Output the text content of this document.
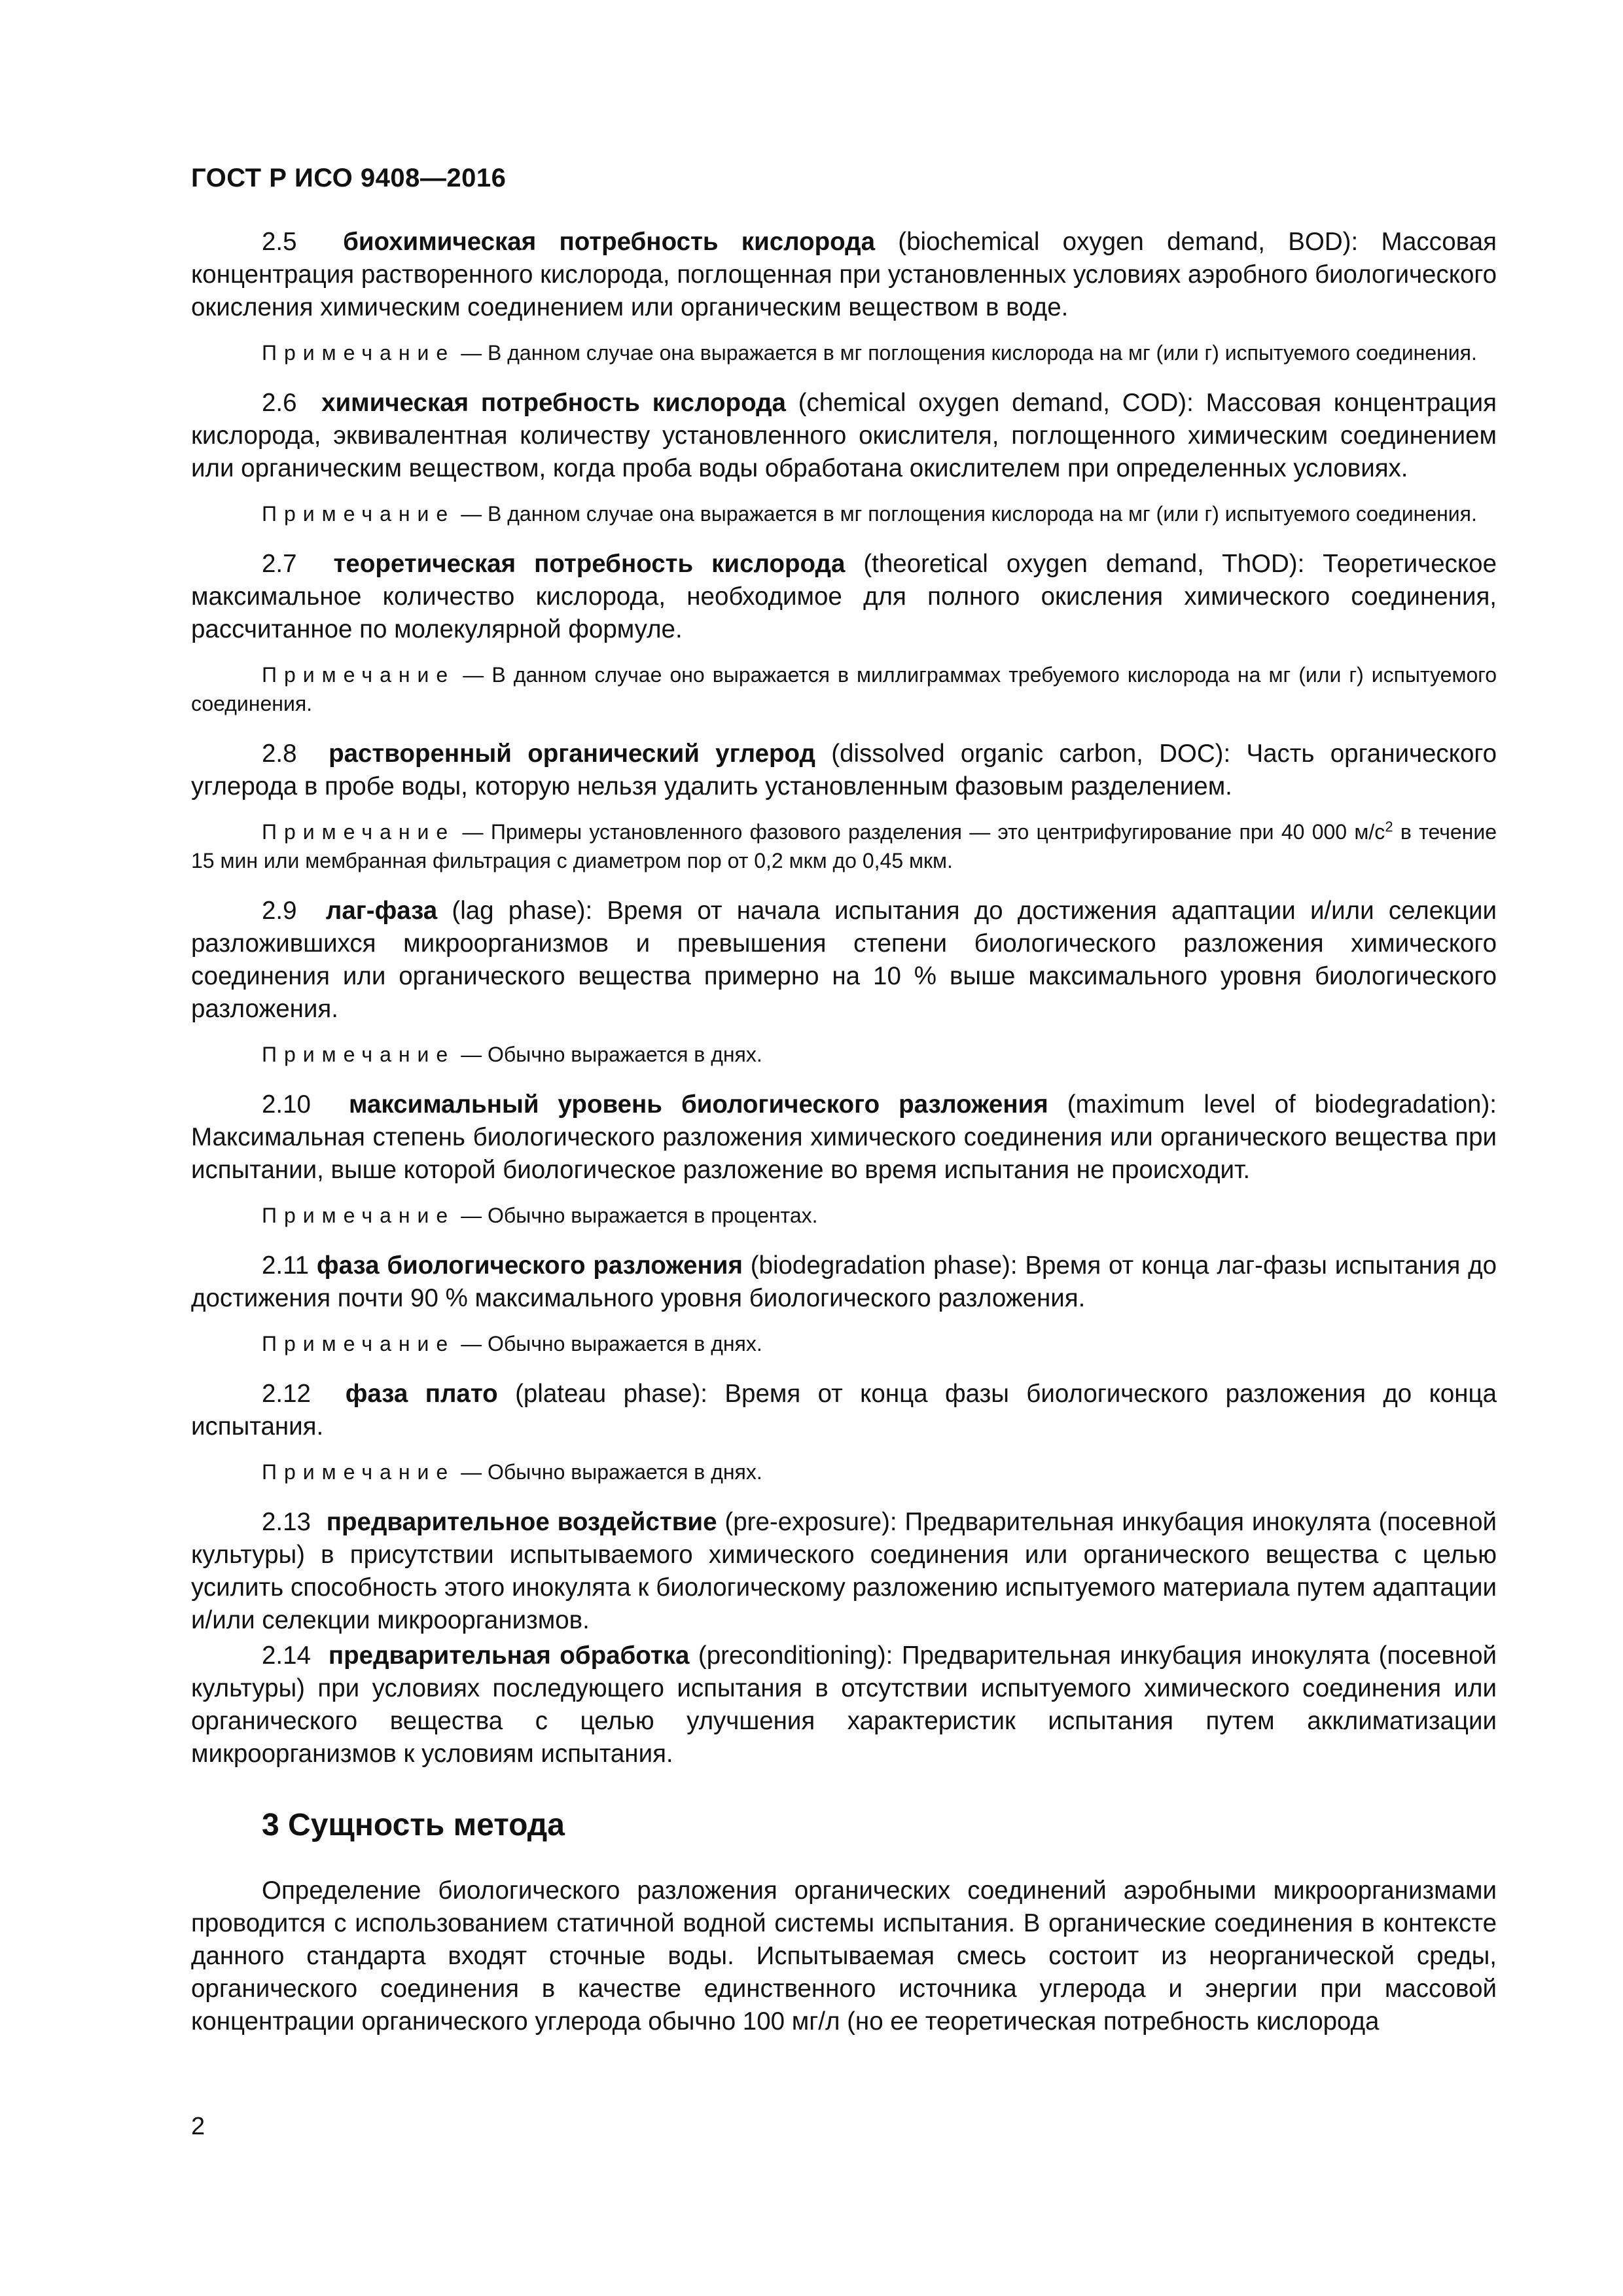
ГОСТ Р ИСО 9408—2016

2.5 биохимическая потребность кислорода (biochemical oxygen demand, BOD): Массовая концентрация растворенного кислорода, поглощенная при установленных условиях аэробного биологического окисления химическим соединением или органическим веществом в воде.

Примечание — В данном случае она выражается в мг поглощения кислорода на мг (или г) испытуемого соединения.

2.6 химическая потребность кислорода (chemical oxygen demand, COD): Массовая концентрация кислорода, эквивалентная количеству установленного окислителя, поглощенного химическим соединением или органическим веществом, когда проба воды обработана окислителем при определенных условиях.

Примечание — В данном случае она выражается в мг поглощения кислорода на мг (или г) испытуемого соединения.

2.7 теоретическая потребность кислорода (theoretical oxygen demand, ThOD): Теоретическое максимальное количество кислорода, необходимое для полного окисления химического соединения, рассчитанное по молекулярной формуле.

Примечание — В данном случае оно выражается в миллиграммах требуемого кислорода на мг (или г) испытуемого соединения.

2.8 растворенный органический углерод (dissolved organic carbon, DOC): Часть органического углерода в пробе воды, которую нельзя удалить установленным фазовым разделением.

Примечание — Примеры установленного фазового разделения — это центрифугирование при 40 000 $м/с^2$ в течение 15 мин или мембранная фильтрация с диаметром пор от 0,2 мкм до 0,45 мкм.

2.9 лаг-фаза (lag phase): Время от начала испытания до достижения адаптации и/или селекции разложившихся микроорганизмов и превышения степени биологического разложения химического соединения или органического вещества примерно на 10 % выше максимального уровня биологического разложения.

Примечание — Обычно выражается в днях.

2.10 максимальный уровень биологического разложения (maximum level of biodegradation): Максимальная степень биологического разложения химического соединения или органического вещества при испытании, выше которой биологическое разложение во время испытания не происходит.

Примечание — Обычно выражается в процентах.

2.11 фаза биологического разложения (biodegradation phase): Время от конца лаг-фазы испытания до достижения почти 90 % максимального уровня биологического разложения.

Примечание — Обычно выражается в днях.

2.12 фаза плато (plateau phase): Время от конца фазы биологического разложения до конца испытания.

Примечание — Обычно выражается в днях.

2.13 предварительное воздействие (pre-exposure): Предварительная инкубация инокулята (посевной культуры) в присутствии испытываемого химического соединения или органического вещества с целью усилить способность этого инокулята к биологическому разложению испытуемого материала путем адаптации и/или селекции микроорганизмов.

2.14 предварительная обработка (preconditioning): Предварительная инкубация инокулята (посевной культуры) при условиях последующего испытания в отсутствии испытуемого химического соединения или органического вещества с целью улучшения характеристик испытания путем акклиматизации микроорганизмов к условиям испытания.

3 Сущность метода

Определение биологического разложения органических соединений аэробными микроорганизмами проводится с использованием статичной водной системы испытания. В органические соединения в контексте данного стандарта входят сточные воды. Испытываемая смесь состоит из неорганической среды, органического соединения в качестве единственного источника углерода и энергии при массовой концентрации органического углерода обычно 100 мг/л (но ее теоретическая потребность кислорода

2
